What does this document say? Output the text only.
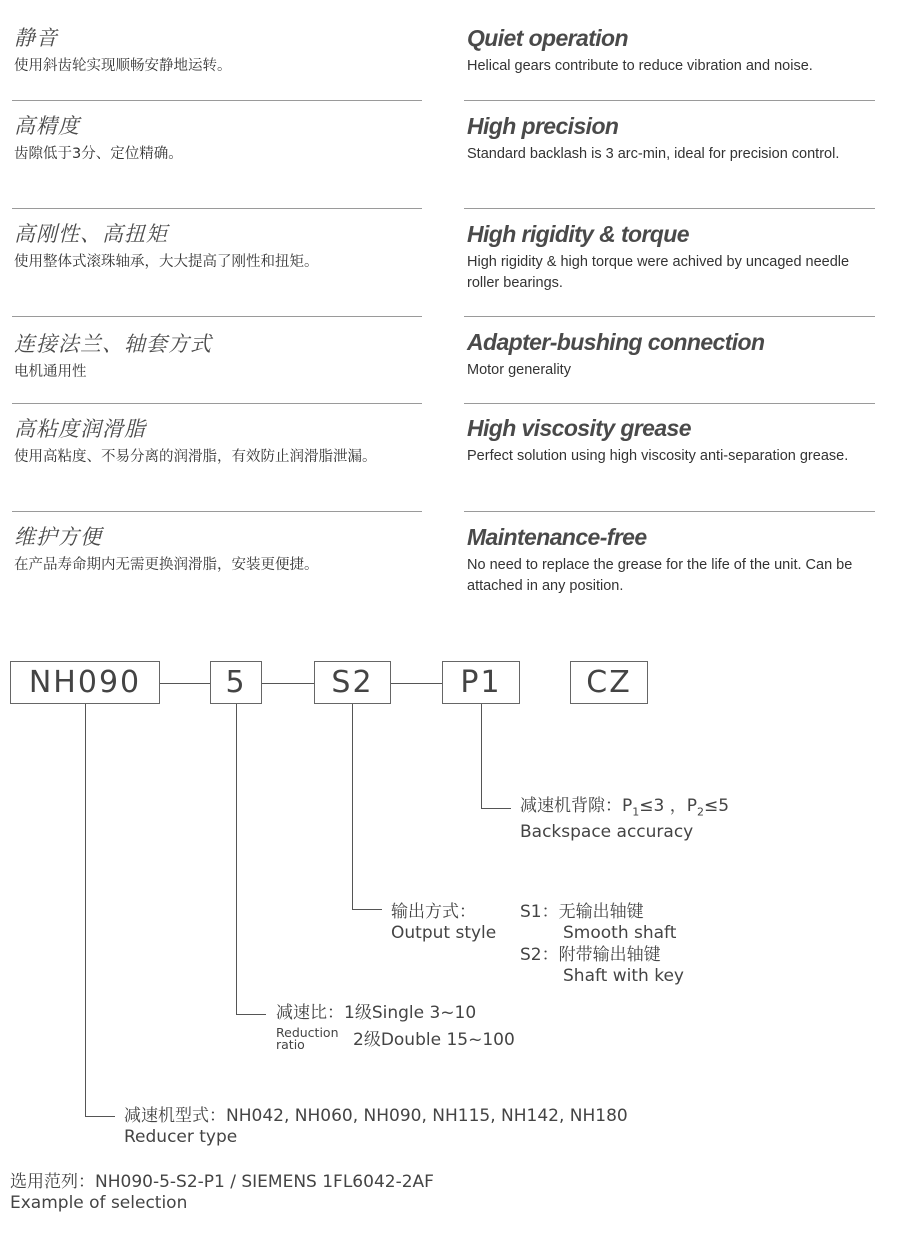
静音
使用斜齿轮实现顺畅安静地运转。
高精度
齿隙低于3分、定位精确。
高刚性、高扭矩
使用整体式滚珠轴承，大大提高了刚性和扭矩。
连接法兰、轴套方式
电机通用性
高粘度润滑脂
使用高粘度、不易分离的润滑脂，有效防止润滑脂泄漏。
维护方便
在产品寿命期内无需更换润滑脂，安装更便捷。
Quiet operation
Helical gears contribute to reduce vibration and noise.
High precision
Standard backlash is 3 arc-min, ideal for precision control.
High rigidity & torque
High rigidity & high torque were achived by uncaged needle roller bearings.
Adapter-bushing connection
Motor generality
High viscosity grease
Perfect solution using high viscosity anti-separation grease.
Maintenance-free
No need to replace the grease for the life of the unit. Can be attached in any position.
NH090	5	S2	P1	CZ
减速机背隙：$P_1\le 3$ ，$P_2\le 5$
Backspace accuracy
输出方式：
Output style
S1：无输出轴键
Smooth shaft
S2：附带输出轴键
Shaft with key
减速比：1级Single 3~10
Reduction
ratio	2级Double 15~100
减速机型式：NH042, NH060, NH090, NH115, NH142, NH180
Reducer type
选用范列：NH090-5-S2-P1 / SIEMENS 1FL6042-2AF
Example of selection
